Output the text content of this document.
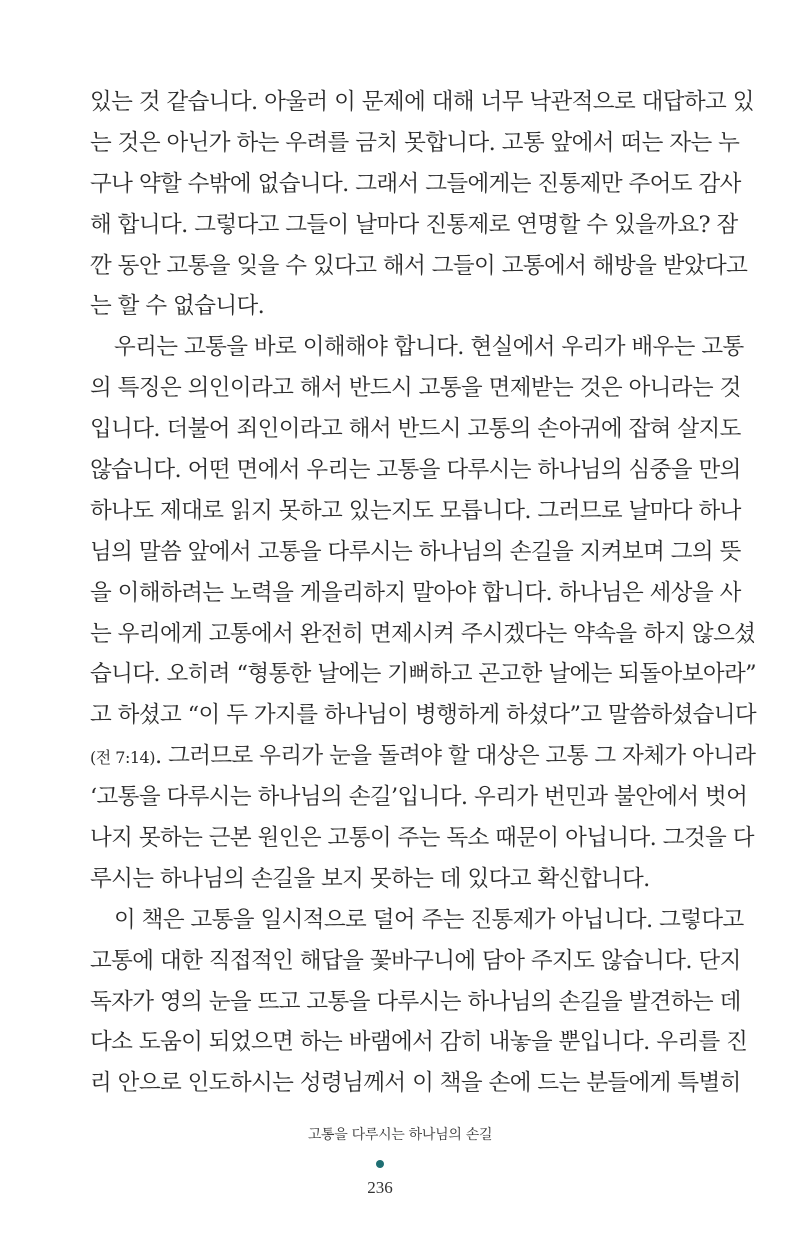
있는 것 같습니다. 아울러 이 문제에 대해 너무 낙관적으로 대답하고 있
는 것은 아닌가 하는 우려를 금치 못합니다. 고통 앞에서 떠는 자는 누
구나 약할 수밖에 없습니다. 그래서 그들에게는 진통제만 주어도 감사
해 합니다. 그렇다고 그들이 날마다 진통제로 연명할 수 있을까요? 잠
깐 동안 고통을 잊을 수 있다고 해서 그들이 고통에서 해방을 받았다고
는 할 수 없습니다.
우리는 고통을 바로 이해해야 합니다. 현실에서 우리가 배우는 고통
의 특징은 의인이라고 해서 반드시 고통을 면제받는 것은 아니라는 것
입니다. 더불어 죄인이라고 해서 반드시 고통의 손아귀에 잡혀 살지도
않습니다. 어떤 면에서 우리는 고통을 다루시는 하나님의 심중을 만의
하나도 제대로 읽지 못하고 있는지도 모릅니다. 그러므로 날마다 하나
님의 말씀 앞에서 고통을 다루시는 하나님의 손길을 지켜보며 그의 뜻
을 이해하려는 노력을 게을리하지 말아야 합니다. 하나님은 세상을 사
는 우리에게 고통에서 완전히 면제시켜 주시겠다는 약속을 하지 않으셨
습니다. 오히려 “형통한 날에는 기뻐하고 곤고한 날에는 되돌아보아라”
고 하셨고 “이 두 가지를 하나님이 병행하게 하셨다”고 말씀하셨습니다
(전 7:14). 그러므로 우리가 눈을 돌려야 할 대상은 고통 그 자체가 아니라
‘고통을 다루시는 하나님의 손길’입니다. 우리가 번민과 불안에서 벗어
나지 못하는 근본 원인은 고통이 주는 독소 때문이 아닙니다. 그것을 다
루시는 하나님의 손길을 보지 못하는 데 있다고 확신합니다.
이 책은 고통을 일시적으로 덜어 주는 진통제가 아닙니다. 그렇다고
고통에 대한 직접적인 해답을 꽃바구니에 담아 주지도 않습니다. 단지
독자가 영의 눈을 뜨고 고통을 다루시는 하나님의 손길을 발견하는 데
다소 도움이 되었으면 하는 바램에서 감히 내놓을 뿐입니다. 우리를 진
리 안으로 인도하시는 성령님께서 이 책을 손에 드는 분들에게 특별히
고통을 다루시는 하나님의 손길
236
